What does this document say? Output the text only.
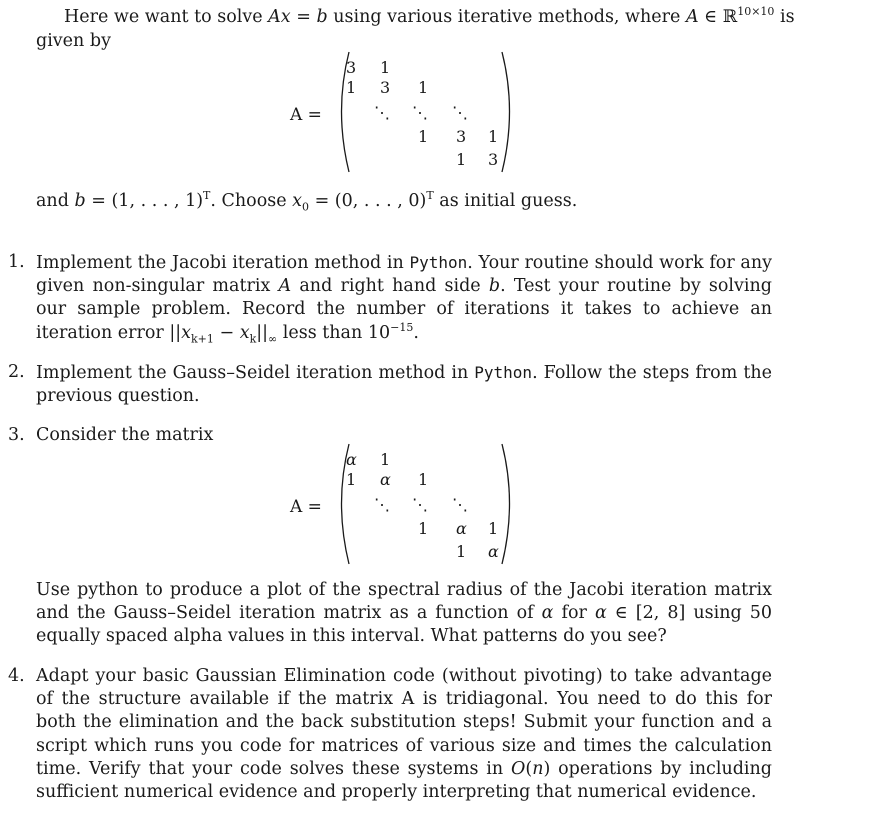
Here we want to solve Ax = b using various iterative methods, where A ∈ ℝ$^{10\times 10}$ is
given by
A =
3 1
1 3 1
⋱ ⋱ ⋱
1 3 1
1 3
and b = (1, . . . , 1)$^T$. Choose $x_0 = (0$, . . . , 0)$^T$ as initial guess.
1. Implement the Jacobi iteration method in Python. Your routine should work for any given non-singular matrix A and right hand side b. Test your routine by solving our sample problem. Record the number of iterations it takes to achieve an iteration error $||x_{k+1} - x_k||_\infty$ less than $10^{-15}$.
2. Implement the Gauss–Seidel iteration method in Python. Follow the steps from the previous question.
3. Consider the matrix
A =
α 1
1 α 1
⋱ ⋱ ⋱
1 α 1
1 α
Use python to produce a plot of the spectral radius of the Jacobi iteration matrix and the Gauss–Seidel iteration matrix as a function of α for α ∈ [2, 8] using 50 equally spaced alpha values in this interval. What patterns do you see?
4. Adapt your basic Gaussian Elimination code (without pivoting) to take advantage of the structure available if the matrix A is tridiagonal. You need to do this for both the elimination and the back substitution steps! Submit your function and a script which runs you code for matrices of various size and times the calculation time. Verify that your code solves these systems in O(n) operations by including sufficient numerical evidence and properly interpreting that numerical evidence.
